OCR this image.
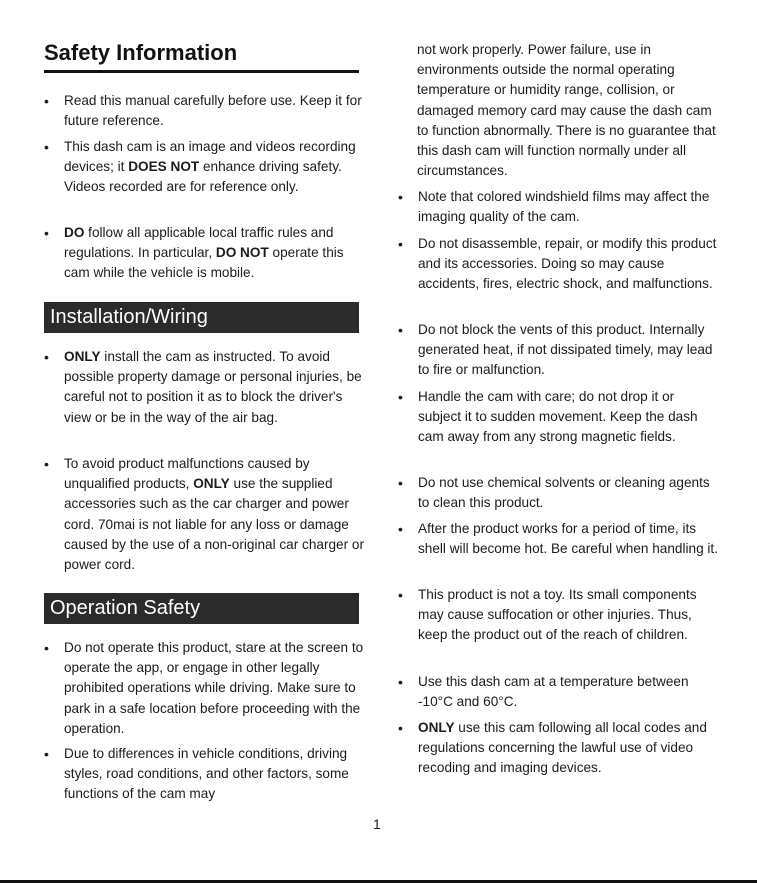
Safety Information
Installation/Wiring
Operation Safety
•	Read this manual carefully before use. Keep it for future reference.
•	This dash cam is an image and videos recording devices; it DOES NOT enhance driving safety. Videos recorded are for reference only.
•	DO follow all applicable local traffic rules and regulations. In particular, DO NOT operate this cam while the vehicle is mobile.
•	ONLY install the cam as instructed. To avoid possible property damage or personal injuries, be careful not to position it as to block the driver's view or be in the way of the air bag.
•	To avoid product malfunctions caused by unqualified products, ONLY use the supplied accessories such as the car charger and power cord. 70mai is not liable for any loss or damage caused by the use of a non-original car charger or power cord.
•	Do not operate this product, stare at the screen to operate the app, or engage in other legally prohibited operations while driving. Make sure to park in a safe location before proceeding with the operation.
•	Due to differences in vehicle conditions, driving styles, road conditions, and other factors, some functions of the cam may
not work properly. Power failure, use in environments outside the normal operating temperature or humidity range, collision, or damaged memory card may cause the dash cam to function abnormally. There is no guarantee that this dash cam will function normally under all circumstances.
•	Note that colored windshield films may affect the imaging quality of the cam.
•	Do not disassemble, repair, or modify this product and its accessories. Doing so may cause accidents, fires, electric shock, and malfunctions.
•	Do not block the vents of this product. Internally generated heat, if not dissipated timely, may lead to fire or malfunction.
•	Handle the cam with care; do not drop it or subject it to sudden movement. Keep the dash cam away from any strong magnetic fields.
•	Do not use chemical solvents or cleaning agents to clean this product.
•	After the product works for a period of time, its shell will become hot. Be careful when handling it.
•	This product is not a toy. Its small components may cause suffocation or other injuries. Thus, keep the product out of the reach of children.
•	Use this dash cam at a temperature between -10°C and 60°C.
•	ONLY use this cam following all local codes and regulations concerning the lawful use of video recoding and imaging devices.
1
